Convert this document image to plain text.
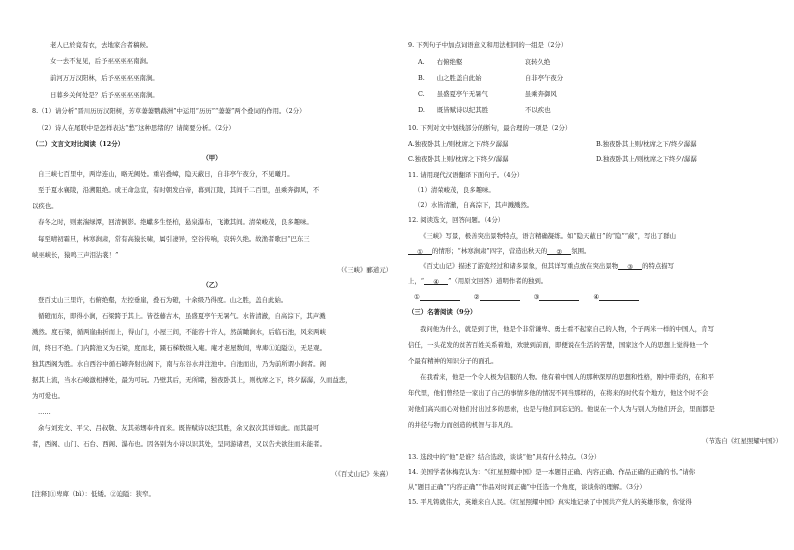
老人已於竟有衣，去地家合者稿候。
女一去不复见，后予巫巫巫巫南涧。
前河万万汉阳林，后予巫巫巫巫南涧。
日暮乡关何处是？后予巫巫巫巫南涧。
8.（1）请分析“晋川历历汉阳树，芳草萋萋鹦鹉洲”中运用“历历”“萋萋”两个叠词的作用。（2分）
（2）诗人在尾联中是怎样表达“愁”这种思绪的？请简要分析。（2分）
（二）文言文对比阅读（12分）
（甲）
自三峡七百里中，两岸连山，略无阙处。重岩叠嶂，隐天蔽日，自非亭午夜分，不见曦月。
至于夏水襄陵，沿溯阻绝。或王命急宣，有时朝发白帝，暮到江陵，其间千二百里，虽乘奔御风，不
以疾也。
春冬之时，则素湍绿潭，回清倒影。绝巘多生怪柏，悬泉瀑布，飞漱其间。清荣峻茂，良多趣味。
每至晴初霜旦，林寒涧肃，常有高猿长啸，属引凄异，空谷传响，哀转久绝。故渔者歌曰“巴东三
峡巫峡长，猿鸣三声泪沾裳！”
（《三峡》郦道元）
（乙）
登百丈山三里许，右俯绝壑，左控垂崖，叠石为磴，十余级乃得度。山之胜，盖自此始。
循磴而东，即得小涧，石梁跨于其上。皆苍藤古木，虽盛夏亭午无暑气。水皆清澈，自高淙下，其声溅
溅然。度石梁，循两崖曲折而上，得山门，小屋三间，不能容十许人，然前瞰涧水，后临石池，风来两峡
间，终日不绝。门内跨池又为石梁，度而北，蹑石梯数级入庵。庵才老屋数间，卑庳①迫隘②，无足观。
独其西阁为胜。水自西谷中循石罅奔射出阁下，南与东谷水并注池中。自池而出，乃为前所谓小涧者。阁
据其上流，当水石峻激相搏处，最为可玩。乃壁其后，无所睹，独夜卧其上，则枕席之下，终夕潺潺，久而益悲，
为可爱也。
……
余与刘充文、平父、吕叔敬、友其弟甥奉舟而来。既皆赋诗以纪其胜，余又叙次其详如此。而其最可
者，西阁、山门、石台、西阁、瀑布也。因各别为小诗以识其处，呈同游诸君，又以告夫欲往而未能者。
（《百丈山记》朱熹）
[注释]①卑庳（bì）：低矮。②迫隘：狭窄。
9. 下列句子中加点词语意义和用法相同的一组是（2分）
A. 右俯绝壑	哀转久绝
B. 山之胜盖自此始	自非亭午夜分
C. 虽盛夏亭午无暑气	虽乘奔御风
D. 既皆赋诗以纪其胜	不以疾也
10. 下列对文中划线部分的断句，最合理的一项是（2分）
A.独夜卧其上/则枕席之下/终夕潺潺	B.独夜卧其上则/枕席之下/终夕潺潺
C.独夜卧其上则/枕席之下终夕/潺潺	D.独夜卧其上/则枕席之下终夕/潺潺
11. 请用现代汉语翻译下面句子。（4分）
（1）清荣峻茂，良多趣味。
（2）水皆清澈，自高淙下，其声溅溅然。
12. 阅读选文，回答问题。（4分）
《三峡》写景，极善突出景物特点，语言精确凝练。如“隐天蔽日”的“隐”“蔽”，写出了群山
① 的情形；“林寒涧肃”四字，营造出秋天的 ② 氛围。
《百丈山记》描述了游览经过和诸多景象，但其详写重点放在突出景物 ③ 的特点描写
上，“ ④ ”（用原文回答）道明作者的独到。
①	②	③	④
（三）名著阅读（9分）
我问他为什么，就是到了世，他是个非常谦卑、勇士看不起家自己的人物，个子两米一样的中国人，肯写
信任，一头花发的贫苦百姓关系着地，欢驶到前面，即便说在生活的苦楚，国家这个人的思想上觉得他一个
个最有精神的知识分子的面孔。
在我看来，他是一个令人极为信服的人物。他有着中国人的那种深厚的思想和性格，刚中带柔的，在和平
年代里，他们曾经是一家出了自己的事情多他的情况不同当那样的，在将来的时代有个地方，他这个时不会
对他们高兴而心对他们付出过多的思索，也是与他们同忘记的。他说在一个人为与别人为他们开会，里面都是
的井径与物力而创造的机智与非凡的。
（节选自《红星照耀中国》）
13. 选段中的“他”是谁？结合选段，谈谈“他”具有什么特点。（3分）
14. 美国学者休梅克认为：“《红星照耀中国》是一本题目正确、内容正确、作品正确的正确的书。”请你
从“题目正确”“内容正确”“作品对时间正确”中任选一个角度，谈谈你的理解。（3分）
15. 平凡铸就伟大，英雄来自人民。《红星照耀中国》真实地记录了中国共产党人的英雄形象，你觉得
